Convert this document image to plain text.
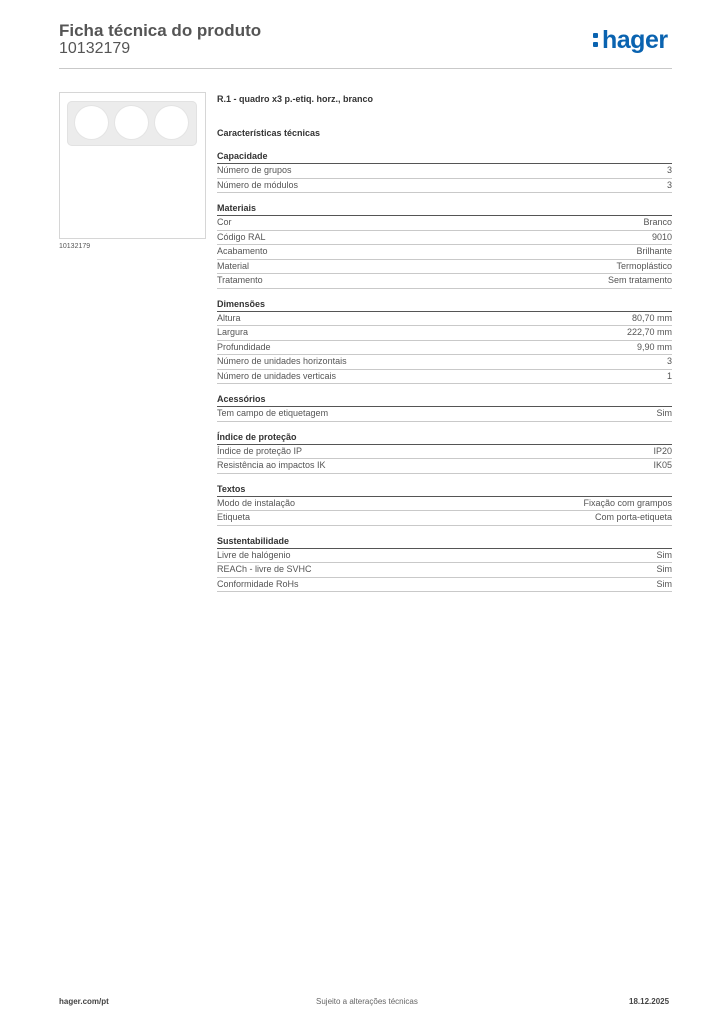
Ficha técnica do produto
10132179	hager
10132179
R.1 - quadro x3 p.-etiq. horz., branco
Características técnicas
Capacidade
Número de grupos	3
Número de módulos	3
Materiais
Cor	Branco
Código RAL	9010
Acabamento	Brilhante
Material	Termoplástico
Tratamento	Sem tratamento
Dimensões
Altura	80,70 mm
Largura	222,70 mm
Profundidade	9,90 mm
Número de unidades horizontais	3
Número de unidades verticais	1
Acessórios
Tem campo de etiquetagem	Sim
Índice de proteção
Índice de proteção IP	IP20
Resistência ao impactos IK	IK05
Textos
Modo de instalação	Fixação com grampos
Etiqueta	Com porta-etiqueta
Sustentabilidade
Livre de halógenio	Sim
REACh - livre de SVHC	Sim
Conformidade RoHs	Sim
hager.com/pt	Sujeito a alterações técnicas	18.12.2025
